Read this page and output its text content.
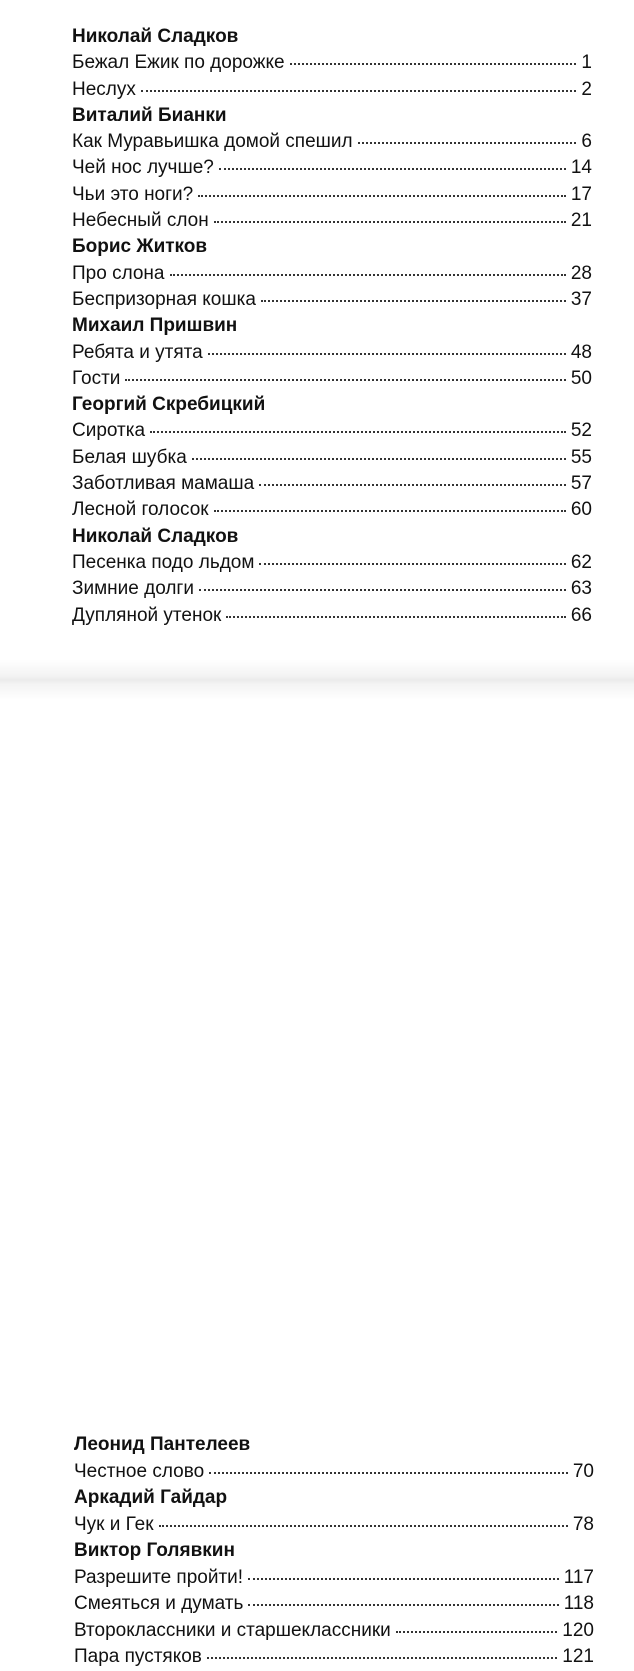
Николай Сладков
Бежал Ежик по дорожке	1
Неслух	2
Виталий Бианки
Как Муравьишка домой спешил	6
Чей нос лучше?	14
Чьи это ноги?	17
Небесный слон	21
Борис Житков
Про слона	28
Беспризорная кошка	37
Михаил Пришвин
Ребята и утята	48
Гости	50
Георгий Скребицкий
Сиротка	52
Белая шубка	55
Заботливая мамаша	57
Лесной голосок	60
Николай Сладков
Песенка подо льдом	62
Зимние долги	63
Дупляной утенок	66
Леонид Пантелеев
Честное слово	70
Аркадий Гайдар
Чук и Гек	78
Виктор Голявкин
Разрешите пройти!	117
Смеяться и думать	118
Второклассники и старшеклассники	120
Пара пустяков	121
